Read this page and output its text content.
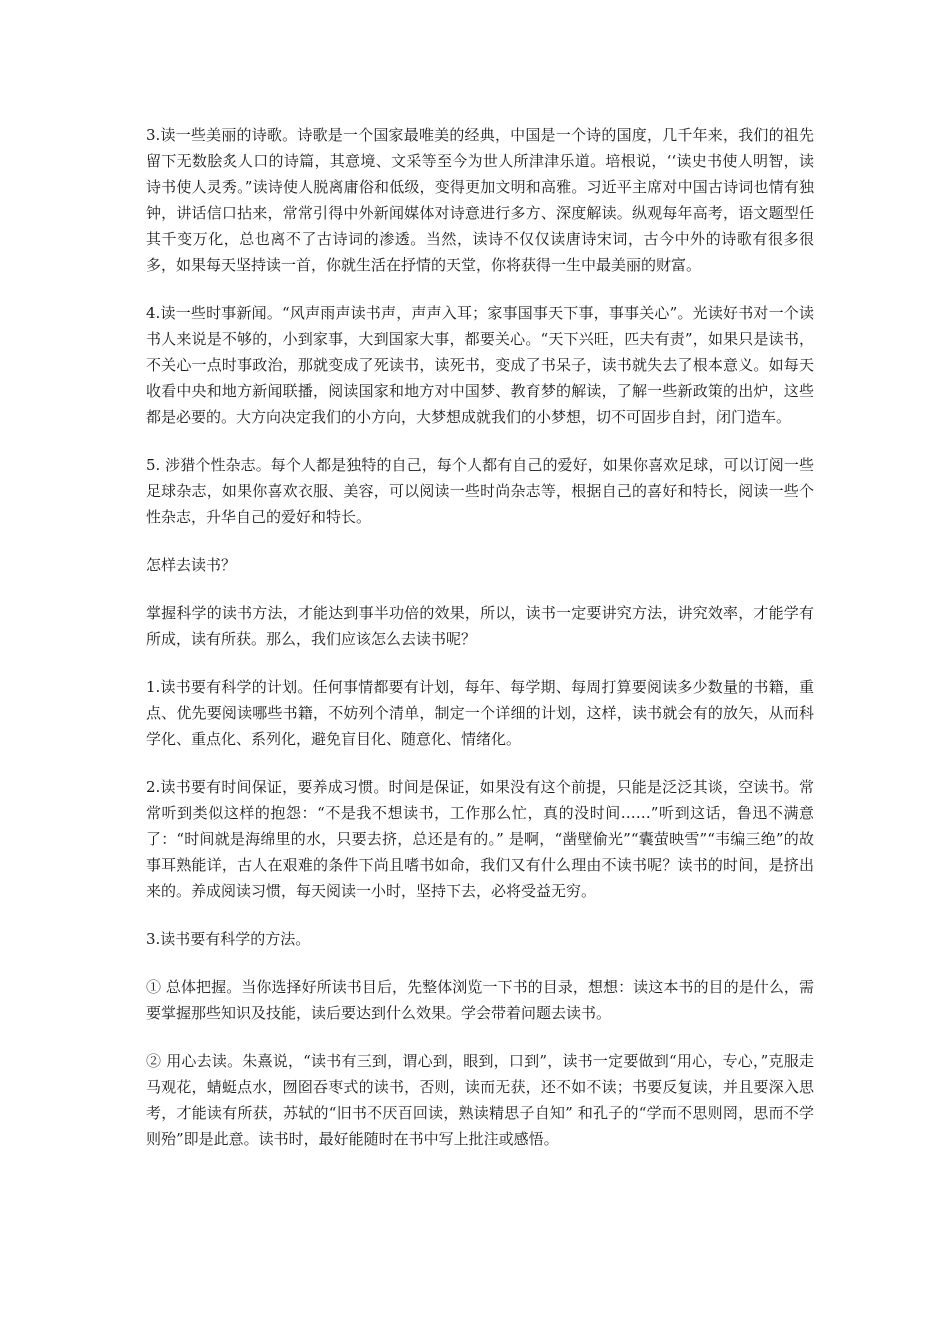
3.读一些美丽的诗歌。诗歌是一个国家最唯美的经典，中国是一个诗的国度，几千年来，我们的祖先留下无数脍炙人口的诗篇，其意境、文采等至今为世人所津津乐道。培根说，‘‘读史书使人明智，读诗书使人灵秀。”读诗使人脱离庸俗和低级，变得更加文明和高雅。习近平主席对中国古诗词也情有独钟，讲话信口拈来，常常引得中外新闻媒体对诗意进行多方、深度解读。纵观每年高考，语文题型任其千变万化，总也离不了古诗词的渗透。当然，读诗不仅仅读唐诗宋词，古今中外的诗歌有很多很多，如果每天坚持读一首，你就生活在抒情的天堂，你将获得一生中最美丽的财富。

4.读一些时事新闻。“风声雨声读书声，声声入耳；家事国事天下事，事事关心”。光读好书对一个读书人来说是不够的，小到家事，大到国家大事，都要关心。“天下兴旺，匹夫有责”，如果只是读书，不关心一点时事政治，那就变成了死读书，读死书，变成了书呆子，读书就失去了根本意义。如每天收看中央和地方新闻联播，阅读国家和地方对中国梦、教育梦的解读，了解一些新政策的出炉，这些都是必要的。大方向决定我们的小方向，大梦想成就我们的小梦想，切不可固步自封，闭门造车。

5. 涉猎个性杂志。每个人都是独特的自己，每个人都有自己的爱好，如果你喜欢足球，可以订阅一些足球杂志，如果你喜欢衣服、美容，可以阅读一些时尚杂志等，根据自己的喜好和特长，阅读一些个性杂志，升华自己的爱好和特长。

怎样去读书？

掌握科学的读书方法，才能达到事半功倍的效果，所以，读书一定要讲究方法，讲究效率，才能学有所成，读有所获。那么，我们应该怎么去读书呢？

1.读书要有科学的计划。任何事情都要有计划，每年、每学期、每周打算要阅读多少数量的书籍，重点、优先要阅读哪些书籍，不妨列个清单，制定一个详细的计划，这样，读书就会有的放矢，从而科学化、重点化、系列化，避免盲目化、随意化、情绪化。

2.读书要有时间保证，要养成习惯。时间是保证，如果没有这个前提，只能是泛泛其谈，空读书。常常听到类似这样的抱怨：“不是我不想读书，工作那么忙，真的没时间……”听到这话，鲁迅不满意了：“时间就是海绵里的水，只要去挤，总还是有的。” 是啊，“凿壁偷光”“囊萤映雪”“韦编三绝”的故事耳熟能详，古人在艰难的条件下尚且嗜书如命，我们又有什么理由不读书呢？读书的时间，是挤出来的。养成阅读习惯，每天阅读一小时，坚持下去，必将受益无穷。

3.读书要有科学的方法。

① 总体把握。当你选择好所读书目后，先整体浏览一下书的目录，想想：读这本书的目的是什么，需要掌握那些知识及技能，读后要达到什么效果。学会带着问题去读书。

② 用心去读。朱熹说，“读书有三到，谓心到，眼到，口到”，读书一定要做到“用心，专心，”克服走马观花，蜻蜓点水，囫囵吞枣式的读书，否则，读而无获，还不如不读；书要反复读，并且要深入思考，才能读有所获，苏轼的“旧书不厌百回读，熟读精思子自知” 和孔子的“学而不思则罔，思而不学则殆”即是此意。读书时，最好能随时在书中写上批注或感悟。
